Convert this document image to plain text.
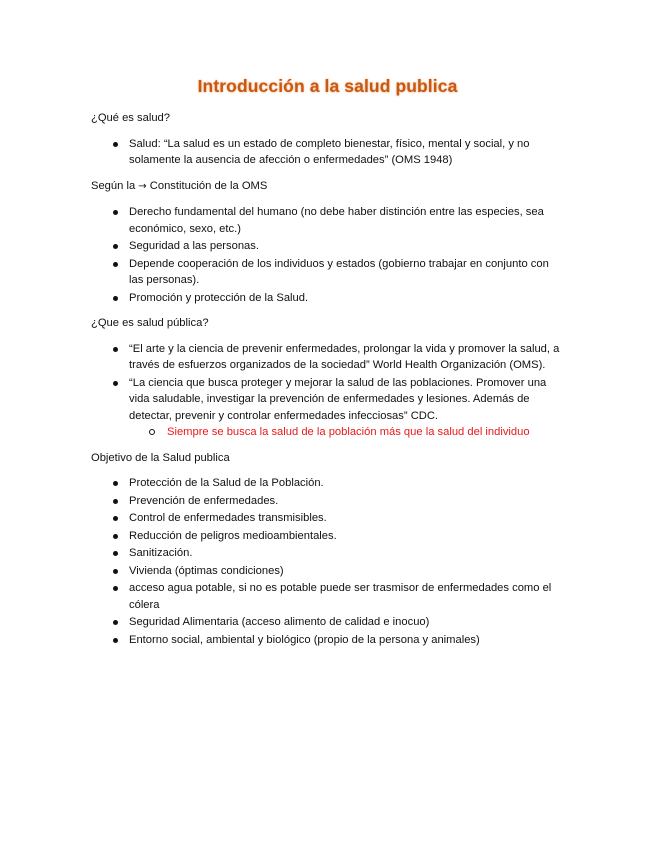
Introducción a la salud publica
¿Qué es salud?
Salud: “La salud es un estado de completo bienestar, físico, mental y social, y no solamente la ausencia de afección o enfermedades” (OMS 1948)
Según la → Constitución de la OMS
Derecho fundamental del humano (no debe haber distinción entre las especies, sea económico, sexo, etc.)
Seguridad a las personas.
Depende cooperación de los individuos y estados (gobierno trabajar en conjunto con las personas).
Promoción y protección de la Salud.
¿Que es salud pública?
“El arte y la ciencia de prevenir enfermedades, prolongar la vida y promover la salud, a través de esfuerzos organizados de la sociedad” World Health Organización (OMS).
“La ciencia que busca proteger y mejorar la salud de las poblaciones. Promover una vida saludable, investigar la prevención de enfermedades y lesiones. Además de detectar, prevenir y controlar enfermedades infecciosas” CDC.
Siempre se busca la salud de la población más que la salud del individuo
Objetivo de la Salud publica
Protección de la Salud de la Población.
Prevención de enfermedades.
Control de enfermedades transmisibles.
Reducción de peligros medioambientales.
Sanitización.
Vivienda (óptimas condiciones)
acceso agua potable, si no es potable puede ser trasmisor de enfermedades como el cólera
Seguridad Alimentaria (acceso alimento de calidad e inocuo)
Entorno social, ambiental y biológico (propio de la persona y animales)
